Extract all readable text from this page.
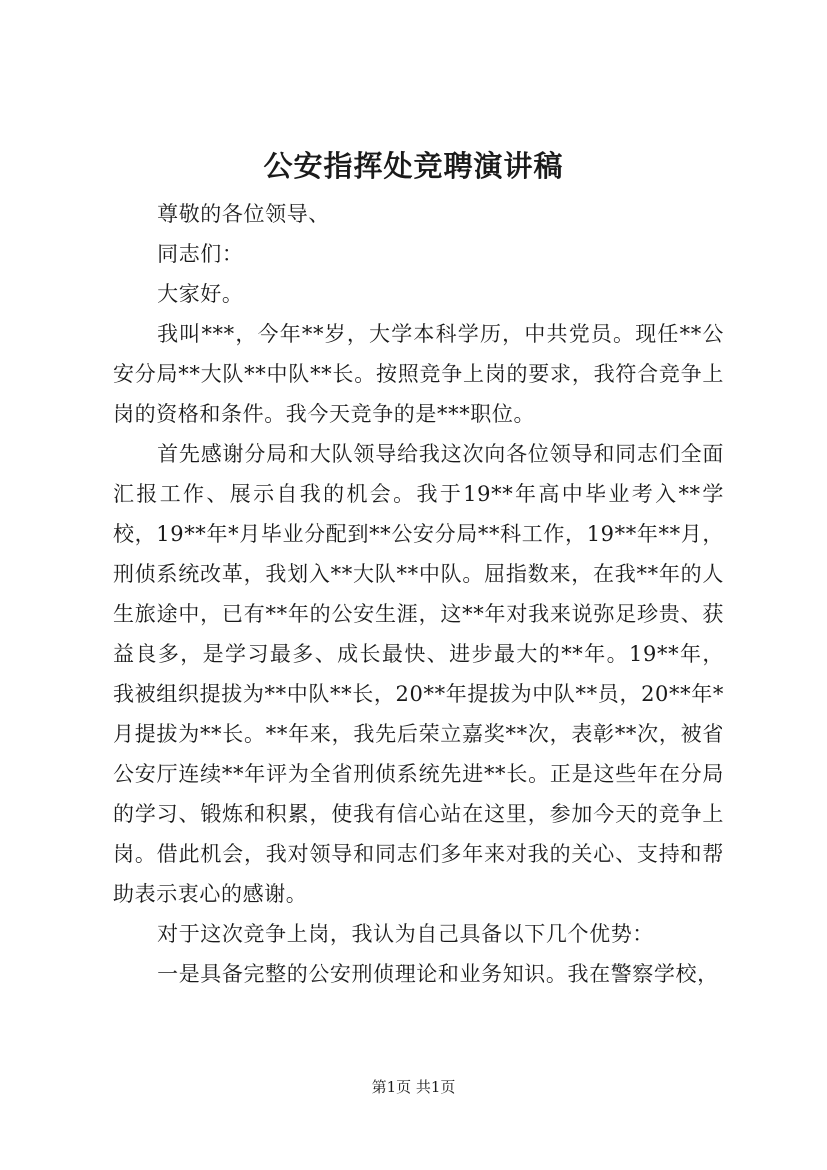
公安指挥处竞聘演讲稿

尊敬的各位领导、

同志们：

大家好。

我叫***，今年**岁，大学本科学历，中共党员。现任**公安分局**大队**中队**长。按照竞争上岗的要求，我符合竞争上岗的资格和条件。我今天竞争的是***职位。

首先感谢分局和大队领导给我这次向各位领导和同志们全面汇报工作、展示自我的机会。我于19**年高中毕业考入**学校，19**年*月毕业分配到**公安分局**科工作，19**年**月，刑侦系统改革，我划入**大队**中队。屈指数来，在我**年的人生旅途中，已有**年的公安生涯，这**年对我来说弥足珍贵、获益良多，是学习最多、成长最快、进步最大的**年。19**年，我被组织提拔为**中队**长，20**年提拔为中队**员，20**年*月提拔为**长。**年来，我先后荣立嘉奖**次，表彰**次，被省公安厅连续**年评为全省刑侦系统先进**长。正是这些年在分局的学习、锻炼和积累，使我有信心站在这里，参加今天的竞争上岗。借此机会，我对领导和同志们多年来对我的关心、支持和帮助表示衷心的感谢。

对于这次竞争上岗，我认为自己具备以下几个优势：

一是具备完整的公安刑侦理论和业务知识。我在警察学校，

第1页 共1页
